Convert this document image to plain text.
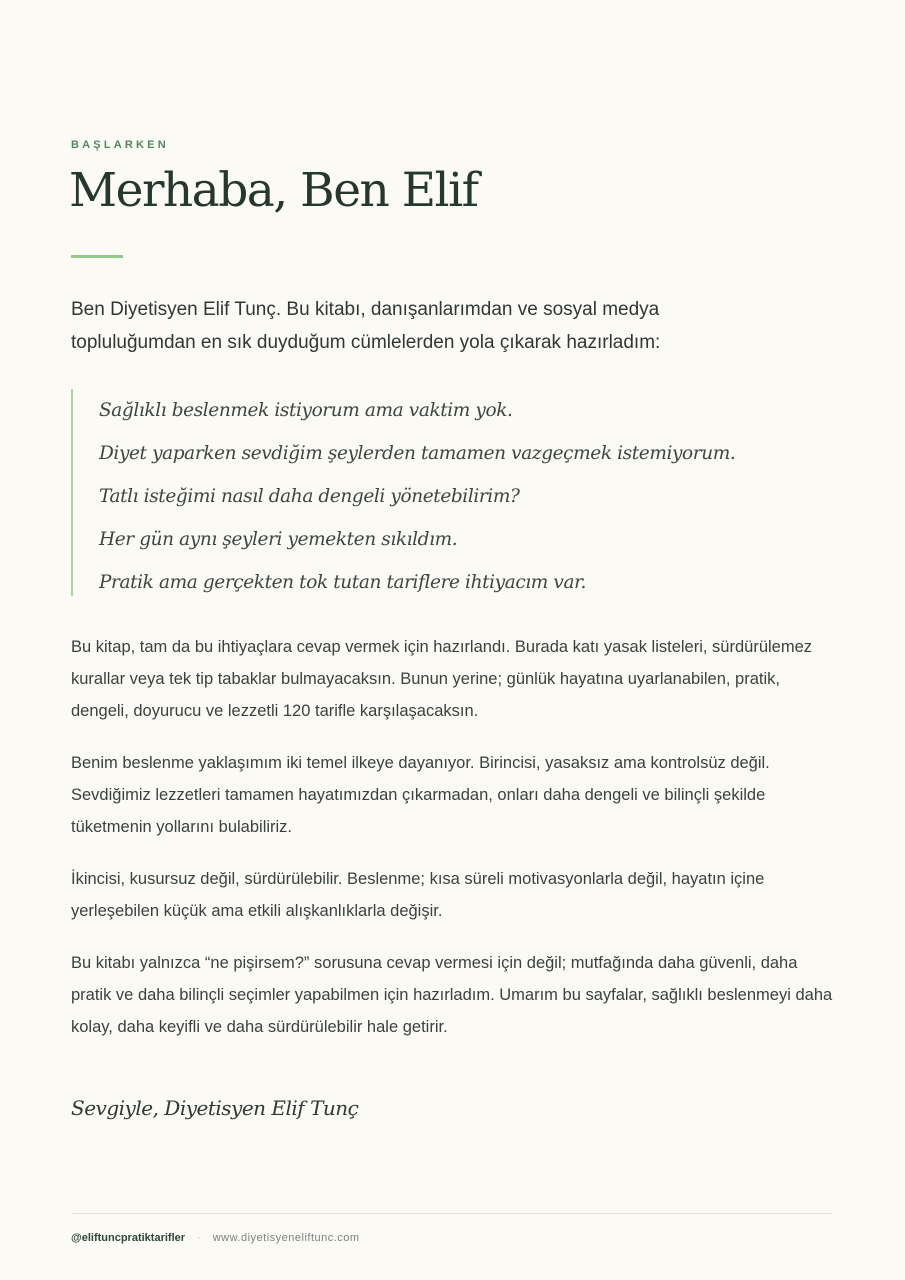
BAŞLARKEN
Merhaba, Ben Elif
Ben Diyetisyen Elif Tunç. Bu kitabı, danışanlarımdan ve sosyal medya
topluluğumdan en sık duyduğum cümlelerden yola çıkarak hazırladım:
Sağlıklı beslenmek istiyorum ama vaktim yok.
Diyet yaparken sevdiğim şeylerden tamamen vazgeçmek istemiyorum.
Tatlı isteğimi nasıl daha dengeli yönetebilirim?
Her gün aynı şeyleri yemekten sıkıldım.
Pratik ama gerçekten tok tutan tariflere ihtiyacım var.

Bu kitap, tam da bu ihtiyaçlara cevap vermek için hazırlandı. Burada katı yasak listeleri, sürdürülemez kurallar veya tek tip tabaklar bulmayacaksın. Bunun yerine; günlük hayatına uyarlanabilen, pratik, dengeli, doyurucu ve lezzetli 120 tarifle karşılaşacaksın.

Benim beslenme yaklaşımım iki temel ilkeye dayanıyor. Birincisi, yasaksız ama kontrolsüz değil. Sevdiğimiz lezzetleri tamamen hayatımızdan çıkarmadan, onları daha dengeli ve bilinçli şekilde tüketmenin yollarını bulabiliriz.

İkincisi, kusursuz değil, sürdürülebilir. Beslenme; kısa süreli motivasyonlarla değil, hayatın içine yerleşebilen küçük ama etkili alışkanlıklarla değişir.

Bu kitabı yalnızca “ne pişirsem?” sorusuna cevap vermesi için değil; mutfağında daha güvenli, daha pratik ve daha bilinçli seçimler yapabilmen için hazırladım. Umarım bu sayfalar, sağlıklı beslenmeyi daha kolay, daha keyifli ve daha sürdürülebilir hale getirir.

Sevgiyle, Diyetisyen Elif Tunç
@eliftuncpratiktarifler · www.diyetisyeneliftunc.com
